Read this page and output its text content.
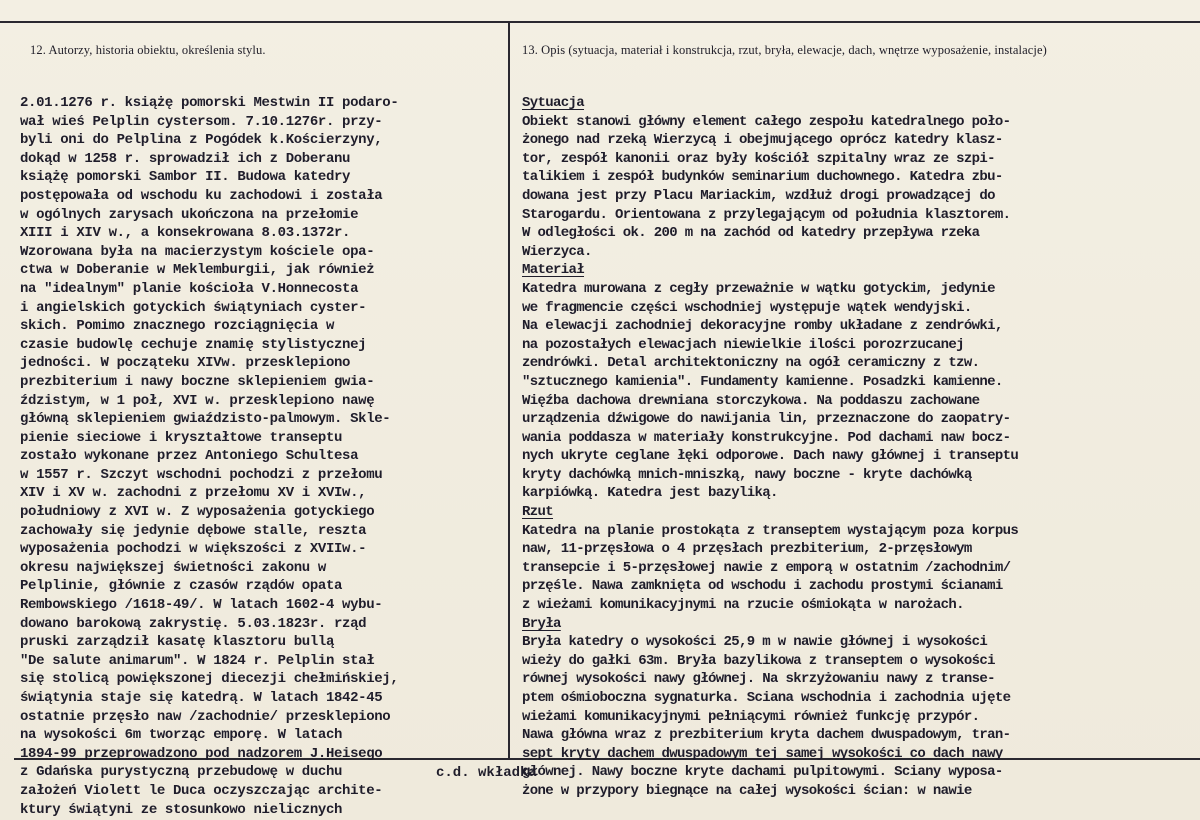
12. Autorzy, historia obiektu, określenia stylu.	13. Opis (sytuacja, materiał i konstrukcja, rzut, bryła, elewacje, dach, wnętrze wyposażenie, instalacje)
2.01.1276 r. książę pomorski Mestwin II podaro-
wał wieś Pelplin cystersom. 7.10.1276r. przy-
byli oni do Pelplina z Pogódek k.Kościerzyny,
dokąd w 1258 r. sprowadził ich z Doberanu
książę pomorski Sambor II. Budowa katedry
postępowała od wschodu ku zachodowi i została
w ogólnych zarysach ukończona na przełomie
XIII i XIV w., a konsekrowana 8.03.1372r.
Wzorowana była na macierzystym kościele opa-
ctwa w Doberanie w Meklemburgii, jak również
na "idealnym" planie kościoła V.Honnecosta
i angielskich gotyckich świątyniach cyster-
skich. Pomimo znacznego rozciągnięcia w
czasie budowlę cechuje znamię stylistycznej
jedności. W począteku XIVw. przesklepiono
prezbiterium i nawy boczne sklepieniem gwia-
ździstym, w 1 poł, XVI w. przesklepiono nawę
główną sklepieniem gwiaździsto-palmowym. Skle-
pienie sieciowe i kryształtowe transeptu
zostało wykonane przez Antoniego Schultesa
w 1557 r. Szczyt wschodni pochodzi z przełomu
XIV i XV w. zachodni z przełomu XV i XVIw.,
południowy z XVI w. Z wyposażenia gotyckiego
zachowały się jedynie dębowe stalle, reszta
wyposażenia pochodzi w większości z XVIIw.-
okresu największej świetności zakonu w
Pelplinie, głównie z czasów rządów opata
Rembowskiego /1618-49/. W latach 1602-4 wybu-
dowano barokową zakrystię. 5.03.1823r. rząd
pruski zarządził kasatę klasztoru bullą
"De salute animarum". W 1824 r. Pelplin stał
się stolicą powiększonej diecezji chełmińskiej,
świątynia staje się katedrą. W latach 1842-45
ostatnie przęsło naw /zachodnie/ przesklepiono
na wysokości 6m tworząc emporę. W latach
1894-99 przeprowadzono pod nadzorem J.Heisego
z Gdańska purystyczną przebudowę w duchu
założeń Violett le Duca oczyszczając archite-
ktury świątyni ze stosunkowo nielicznych
Sytuacja
Obiekt stanowi główny element całego zespołu katedralnego poło-
żonego nad rzeką Wierzycą i obejmującego oprócz katedry klasz-
tor, zespół kanonii oraz były kościół szpitalny wraz ze szpi-
talikiem i zespół budynków seminarium duchownego. Katedra zbu-
dowana jest przy Placu Mariackim, wzdłuż drogi prowadzącej do
Starogardu. Orientowana z przylegającym od południa klasztorem.
W odległości ok. 200 m na zachód od katedry przepływa rzeka
Wierzyca.
Materiał
Katedra murowana z cegły przeważnie w wątku gotyckim, jedynie
we fragmencie części wschodniej występuje wątek wendyjski.
Na elewacji zachodniej dekoracyjne romby układane z zendrówki,
na pozostałych elewacjach niewielkie ilości porozrzucanej
zendrówki. Detal architektoniczny na ogół ceramiczny z tzw.
"sztucznego kamienia". Fundamenty kamienne. Posadzki kamienne.
Więźba dachowa drewniana storczykowa. Na poddaszu zachowane
urządzenia dźwigowe do nawijania lin, przeznaczone do zaopatry-
wania poddasza w materiały konstrukcyjne. Pod dachami naw bocz-
nych ukryte ceglane łęki odporowe. Dach nawy głównej i transeptu
kryty dachówką mnich-mniszką, nawy boczne - kryte dachówką
karpiówką. Katedra jest bazyliką.
Rzut
Katedra na planie prostokąta z transeptem wystającym poza korpus
naw, 11-przęsłowa o 4 przęsłach prezbiterium, 2-przęsłowym
transepcie i 5-przęsłowej nawie z emporą w ostatnim /zachodnim/
przęśle. Nawa zamknięta od wschodu i zachodu prostymi ścianami
z wieżami komunikacyjnymi na rzucie ośmiokąta w narożach.
Bryła
Bryła katedry o wysokości 25,9 m w nawie głównej i wysokości
wieży do gałki 63m. Bryła bazylikowa z transeptem o wysokości
równej wysokości nawy głównej. Na skrzyżowaniu nawy z transe-
ptem ośmioboczna sygnaturka. Sciana wschodnia i zachodnia ujęte
wieżami komunikacyjnymi pełniącymi również funkcję przypór.
Nawa główna wraz z prezbiterium kryta dachem dwuspadowym, tran-
sept kryty dachem dwuspadowym tej samej wysokości co dach nawy
głównej. Nawy boczne kryte dachami pulpitowymi. Sciany wyposa-
żone w przypory biegnące na całej wysokości ścian: w nawie
c.d. wkładka
